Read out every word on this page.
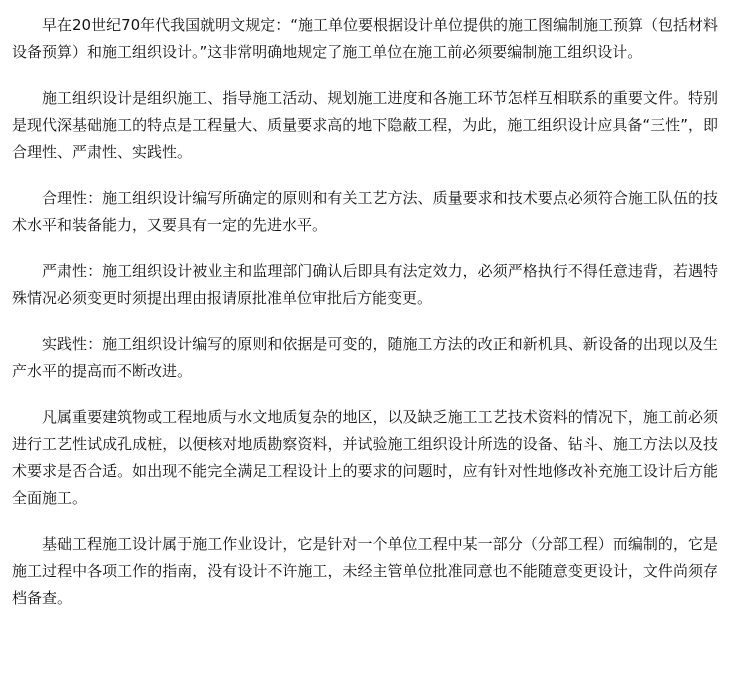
早在20世纪70年代我国就明文规定：“施工单位要根据设计单位提供的施工图编制施工预算（包括材料设备预算）和施工组织设计。”这非常明确地规定了施工单位在施工前必须要编制施工组织设计。

施工组织设计是组织施工、指导施工活动、规划施工进度和各施工环节怎样互相联系的重要文件。特别是现代深基础施工的特点是工程量大、质量要求高的地下隐蔽工程，为此，施工组织设计应具备“三性”，即合理性、严肃性、实践性。

合理性：施工组织设计编写所确定的原则和有关工艺方法、质量要求和技术要点必须符合施工队伍的技术水平和装备能力，又要具有一定的先进水平。

严肃性：施工组织设计被业主和监理部门确认后即具有法定效力，必须严格执行不得任意违背，若遇特殊情况必须变更时须提出理由报请原批准单位审批后方能变更。

实践性：施工组织设计编写的原则和依据是可变的，随施工方法的改正和新机具、新设备的出现以及生产水平的提高而不断改进。

凡属重要建筑物或工程地质与水文地质复杂的地区，以及缺乏施工工艺技术资料的情况下，施工前必须进行工艺性试成孔成桩，以便核对地质勘察资料，并试验施工组织设计所选的设备、钻斗、施工方法以及技术要求是否合适。如出现不能完全满足工程设计上的要求的问题时，应有针对性地修改补充施工设计后方能全面施工。

基础工程施工设计属于施工作业设计，它是针对一个单位工程中某一部分（分部工程）而编制的，它是施工过程中各项工作的指南，没有设计不许施工，未经主管单位批准同意也不能随意变更设计，文件尚须存档备查。
